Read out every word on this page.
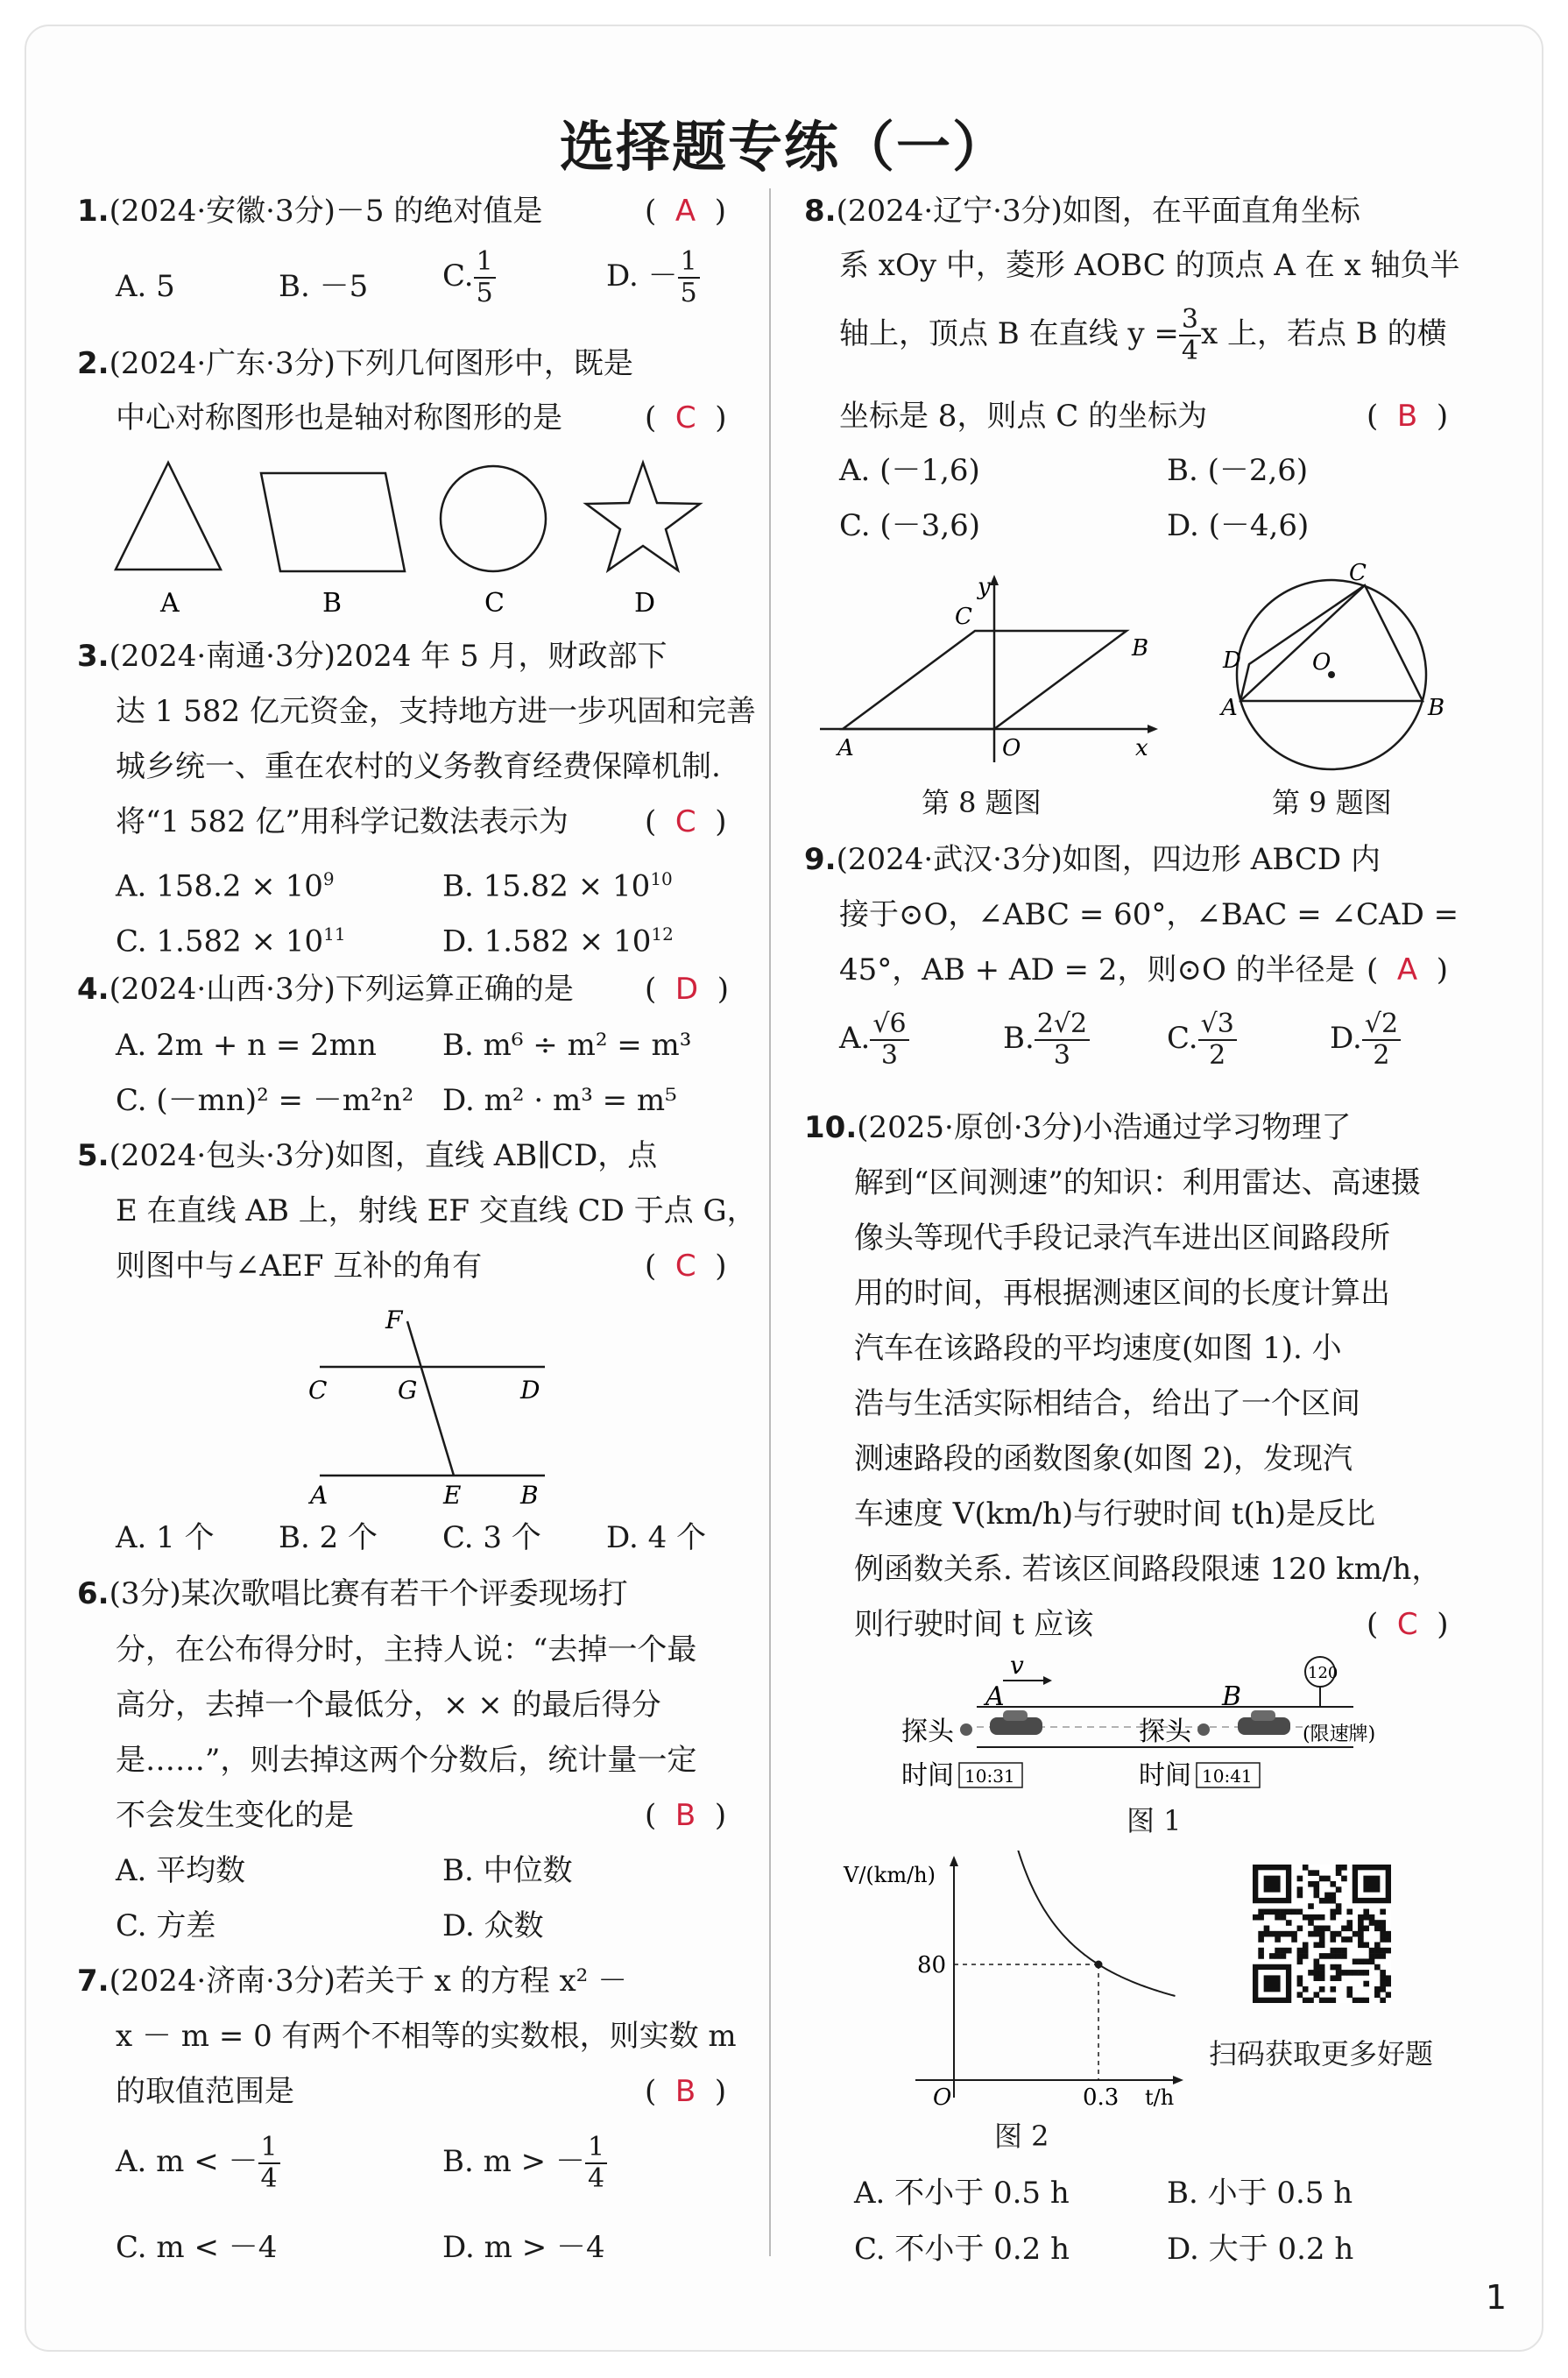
选择题专练（一）
1.(2024·安徽·3分)－5 的绝对值是	(  A  )
A. 5	B. －5 C. $\frac{1}{5}$	D. － $\frac{1}{5}$
2.(2024·广东·3分)下列几何图形中，既是
中心对称图形也是轴对称图形的是	(  C  )
A	B	C	D
3.(2024·南通·3分)2024 年 5 月，财政部下
达 1 582 亿元资金，支持地方进一步巩固和完善
城乡统一、重在农村的义务教育经费保障机制.
将“1 582 亿”用科学记数法表示为	(  C  )
A. $158.2 \times 10^9$	B. $15.82 \times 10^{10}$
C. $1.582 \times 10^{11}$	D. $1.582 \times 10^{12}$
4.(2024·山西·3分)下列运算正确的是 (  D  )
A. 2m + n = 2mn B. m⁶ ÷ m² = m³
C. (－mn)² = －m²n² D. m² · m³ = m⁵
5.(2024·包头·3分)如图，直线 AB∥CD，点
E 在直线 AB 上，射线 EF 交直线 CD 于点 G，
则图中与∠AEF 互补的角有	(  C  )
F
C	G	D
A	E B
A. 1 个 B. 2 个 C. 3 个 D. 4 个
6.(3分)某次歌唱比赛有若干个评委现场打
分，在公布得分时，主持人说：“去掉一个最
高分，去掉一个最低分，× × 的最后得分
是……”，则去掉这两个分数后，统计量一定
不会发生变化的是	(  B  )
A. 平均数	B. 中位数
C. 方差	D. 众数
7.(2024·济南·3分)若关于 x 的方程 x² －
x － m = 0 有两个不相等的实数根，则实数 m
的取值范围是	(  B  )
A. m < － $\frac{1}{4}$	B. m > － $\frac{1}{4}$
C. m < －4	D. m > －4
8.(2024·辽宁·3分)如图，在平面直角坐标
系 xOy 中，菱形 AOBC 的顶点 A 在 x 轴负半
轴上，顶点 B 在直线 $y = \frac{3}{4}$ x 上，若点 B 的横
坐标是 8，则点 C 的坐标为	(  B  )
A. (－1,6)	B. (－2,6)
C. (－3,6)	D. (－4,6)
y
x
C
B
A	O
第 8 题图
C
D	O
A	B
第 9 题图
9.(2024·武汉·3分)如图，四边形 ABCD 内
接于⊙O，∠ABC = 60°，∠BAC = ∠CAD =
45°，AB + AD = 2，则⊙O 的半径是 (  A  )
A. $\frac{√6}{3}$	B. $\frac{2√2}{3}$	C. $\frac{√3}{2}$	D. $\frac{√2}{2}$
10.(2025·原创·3分)小浩通过学习物理了
解到“区间测速”的知识：利用雷达、高速摄
像头等现代手段记录汽车进出区间路段所
用的时间，再根据测速区间的长度计算出
汽车在该路段的平均速度(如图 1). 小
浩与生活实际相结合，给出了一个区间
测速路段的函数图象(如图 2)，发现汽
车速度 V(km/h)与行驶时间 t(h)是反比
例函数关系. 若该区间路段限速 120 km/h，
则行驶时间 t 应该	(  C  )
v
A	B
120
(限速牌)
探头	探头
时间 10:31	时间 10:41
图 1
V/(km/h)
80
0.3
O	t/h
图 2
扫码获取更多好题
A. 不小于 0.5 h	B. 小于 0.5 h
C. 不小于 0.2 h	D. 大于 0.2 h
1
